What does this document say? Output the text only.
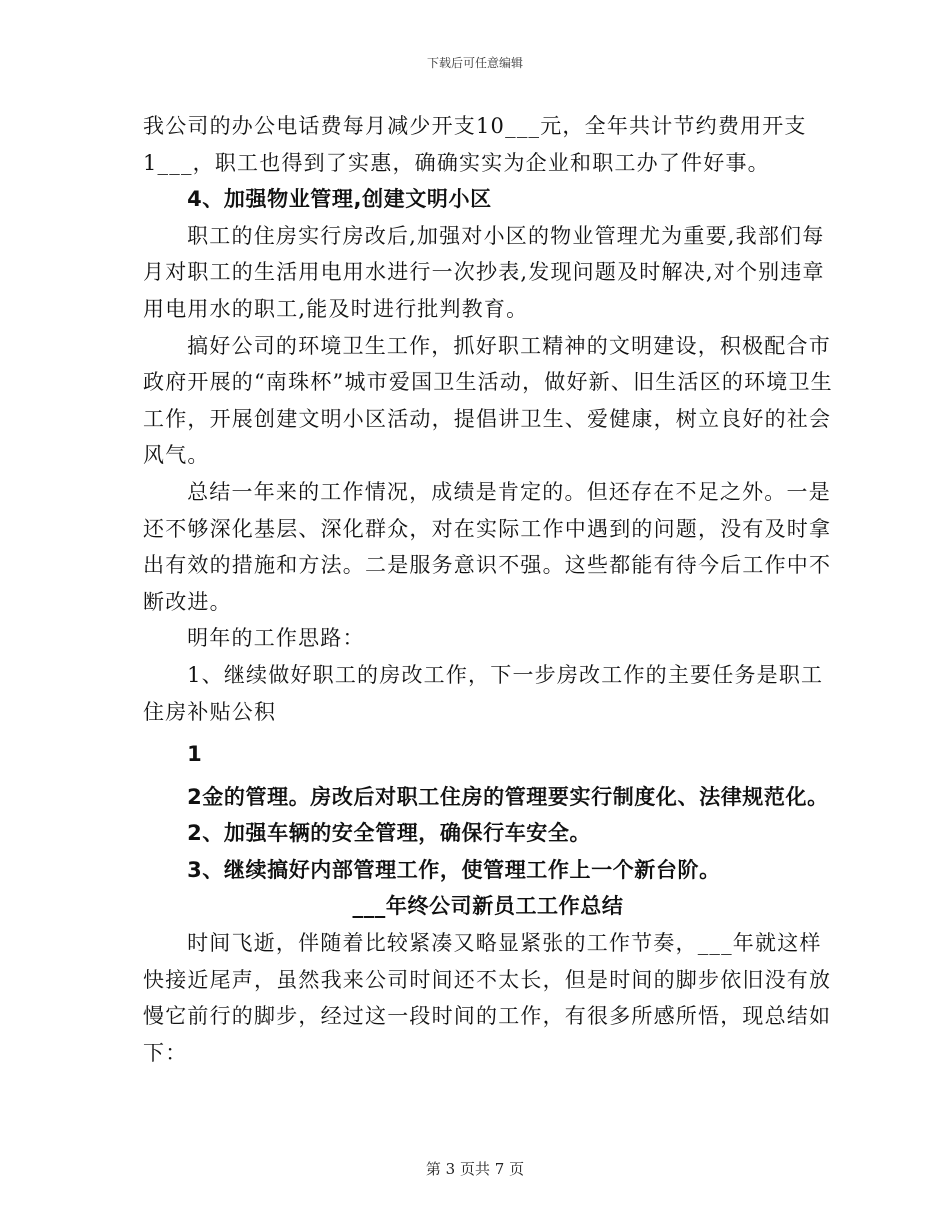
下载后可任意编辑

我公司的办公电话费每月减少开支10___元，全年共计节约费用开支1___，职工也得到了实惠，确确实实为企业和职工办了件好事。

4、加强物业管理,创建文明小区

职工的住房实行房改后,加强对小区的物业管理尤为重要,我部们每月对职工的生活用电用水进行一次抄表,发现问题及时解决,对个别违章用电用水的职工,能及时进行批判教育。

搞好公司的环境卫生工作，抓好职工精神的文明建设，积极配合市政府开展的“南珠杯”城市爱国卫生活动，做好新、旧生活区的环境卫生工作，开展创建文明小区活动，提倡讲卫生、爱健康，树立良好的社会风气。

总结一年来的工作情况，成绩是肯定的。但还存在不足之外。一是还不够深化基层、深化群众，对在实际工作中遇到的问题，没有及时拿出有效的措施和方法。二是服务意识不强。这些都能有待今后工作中不断改进。

明年的工作思路：

1、继续做好职工的房改工作，下一步房改工作的主要任务是职工住房补贴公积

1

2金的管理。房改后对职工住房的管理要实行制度化、法律规范化。

2、加强车辆的安全管理，确保行车安全。

3、继续搞好内部管理工作，使管理工作上一个新台阶。

___年终公司新员工工作总结

时间飞逝，伴随着比较紧凑又略显紧张的工作节奏，___年就这样快接近尾声，虽然我来公司时间还不太长，但是时间的脚步依旧没有放慢它前行的脚步，经过这一段时间的工作，有很多所感所悟，现总结如下：

第 3 页共 7 页
